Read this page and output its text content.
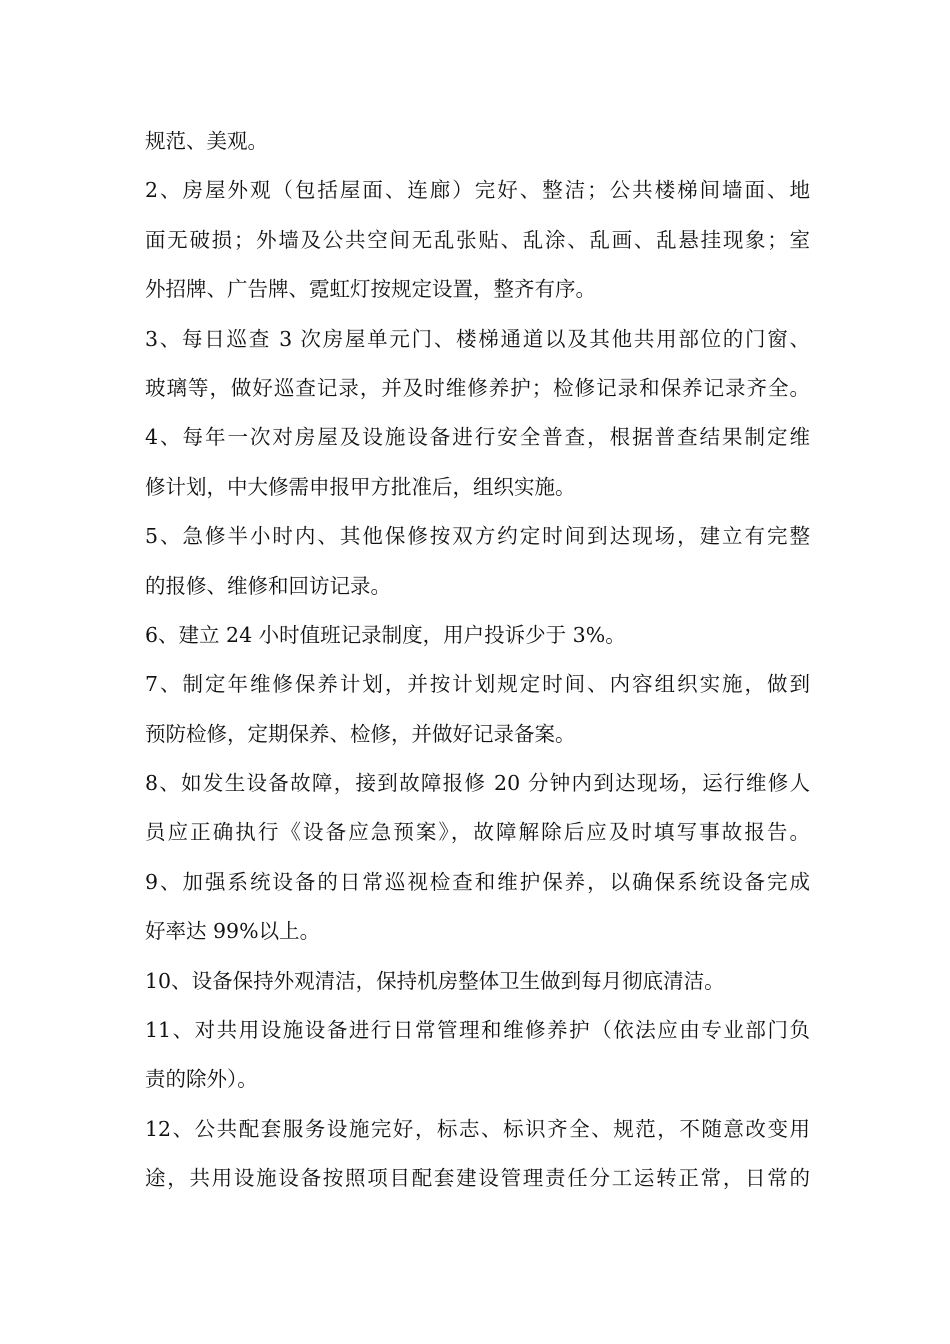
规范、美观。
2、房屋外观（包括屋面、连廊）完好、整洁；公共楼梯间墙面、地
面无破损；外墙及公共空间无乱张贴、乱涂、乱画、乱悬挂现象；室
外招牌、广告牌、霓虹灯按规定设置，整齐有序。
3、每日巡查 3 次房屋单元门、楼梯通道以及其他共用部位的门窗、
玻璃等，做好巡查记录，并及时维修养护；检修记录和保养记录齐全。
4、每年一次对房屋及设施设备进行安全普查，根据普查结果制定维
修计划，中大修需申报甲方批准后，组织实施。
5、急修半小时内、其他保修按双方约定时间到达现场，建立有完整
的报修、维修和回访记录。
6、建立 24 小时值班记录制度，用户投诉少于 3%。
7、制定年维修保养计划，并按计划规定时间、内容组织实施，做到
预防检修，定期保养、检修，并做好记录备案。
8、如发生设备故障，接到故障报修 20 分钟内到达现场，运行维修人
员应正确执行《设备应急预案》，故障解除后应及时填写事故报告。
9、加强系统设备的日常巡视检查和维护保养，以确保系统设备完成
好率达 99%以上。
10、设备保持外观清洁，保持机房整体卫生做到每月彻底清洁。
11、对共用设施设备进行日常管理和维修养护（依法应由专业部门负
责的除外）。
12、公共配套服务设施完好，标志、标识齐全、规范，不随意改变用
途，共用设施设备按照项目配套建设管理责任分工运转正常，日常的
